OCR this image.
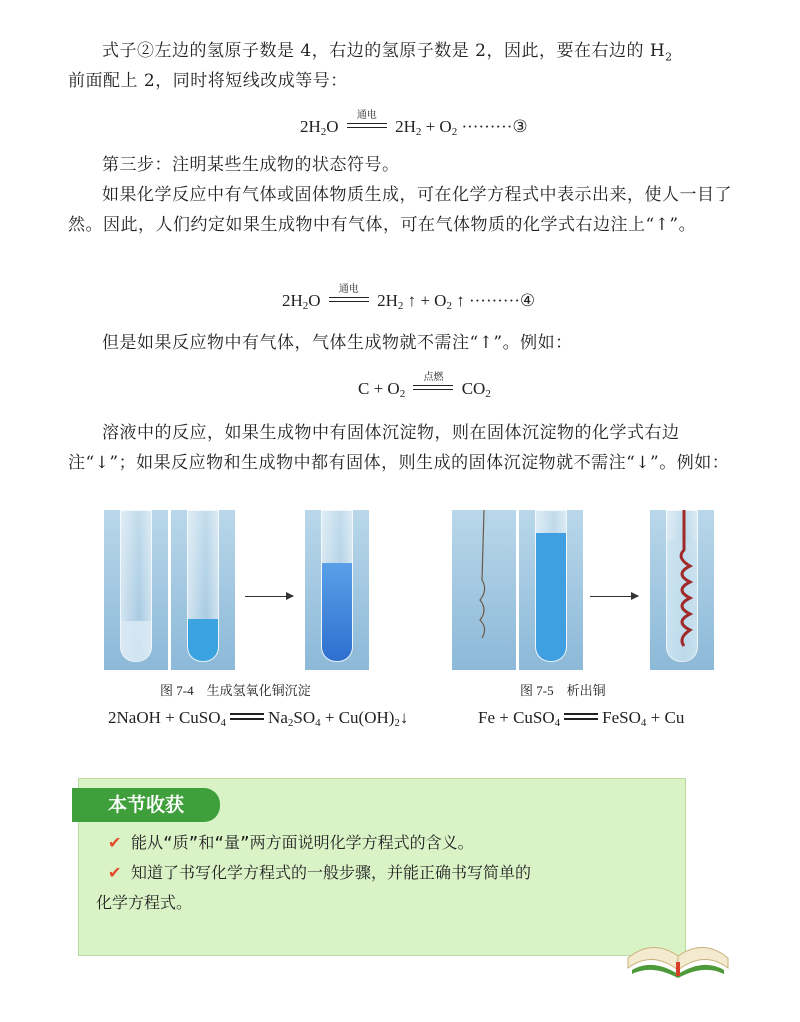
式子②左边的氢原子数是 4，右边的氢原子数是 2，因此，要在右边的 $H_2$
前面配上 2，同时将短线改成等号：
$2H_2O$
通电
$2H_2 + O_2$ ·········③
第三步：注明某些生成物的状态符号。
如果化学反应中有气体或固体物质生成，可在化学方程式中表示出来，使人一目了然。因此，人们约定如果生成物中有气体，可在气体物质的化学式右边注上“↑”。
$2H_2O$
通电
$2H_2$ ↑ + $O_2$ ↑ ·········④
但是如果反应物中有气体，气体生成物就不需注“↑”。例如：
$C + O_2$
点燃
$CO_2$
溶液中的反应，如果生成物中有固体沉淀物，则在固体沉淀物的化学式右边注“↓”；如果反应物和生成物中都有固体，则生成的固体沉淀物就不需注“↓”。例如：
图 7-4　生成氢氧化铜沉淀	图 7-5　析出铜
2NaOH + CuSO$_4$ $Na_2SO_4$ + $Cu(OH)_2↓$	Fe + CuSO$_4$ FeSO$_4$ + Cu
本节收获
✔ 能从“质”和“量”两方面说明化学方程式的含义。
✔ 知道了书写化学方程式的一般步骤，并能正确书写简单的
化学方程式。
